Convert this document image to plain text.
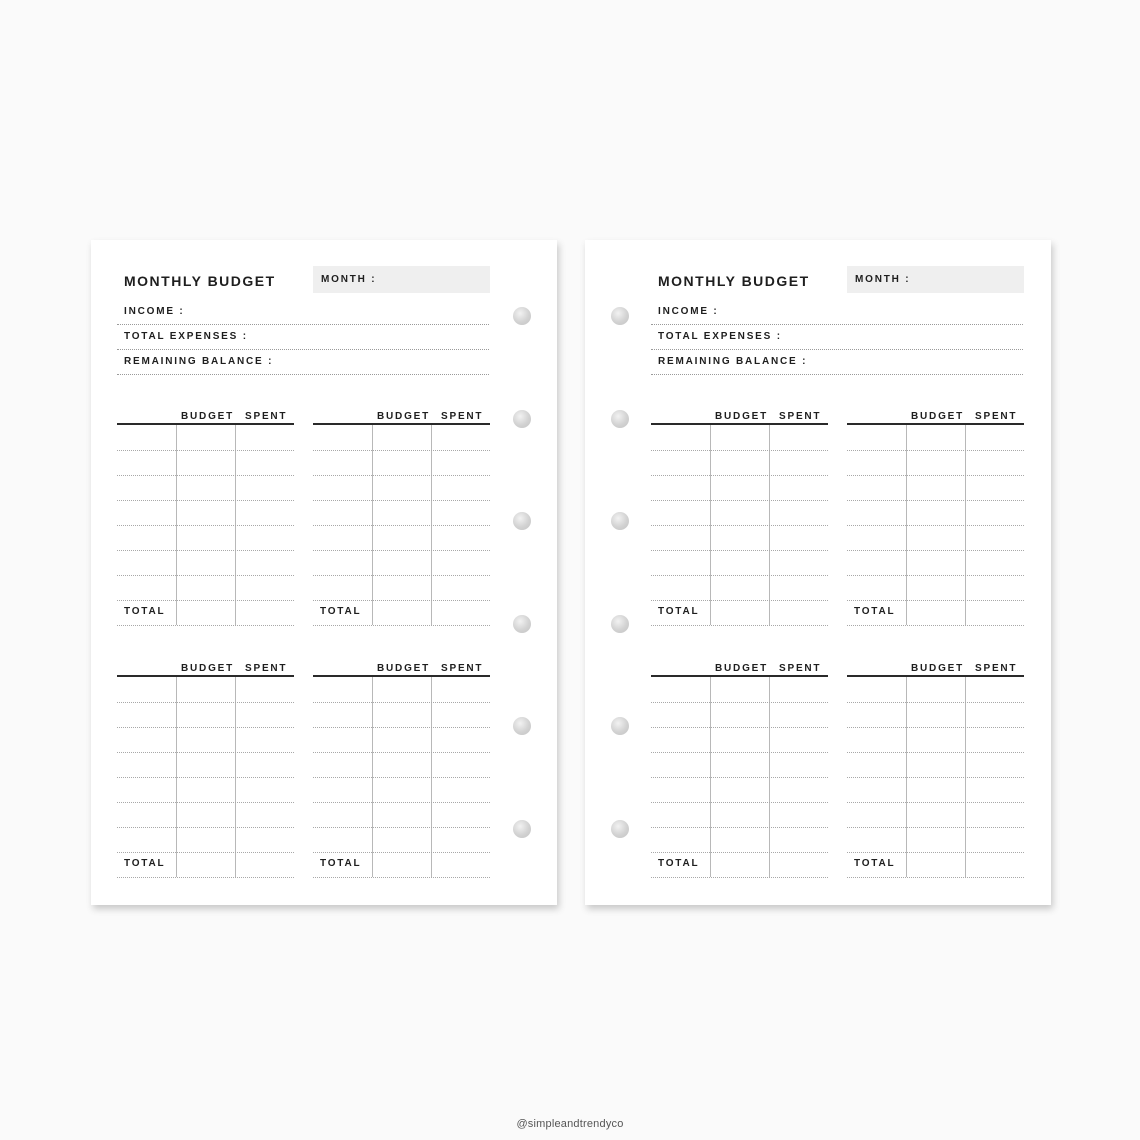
MONTHLY BUDGET	MONTH :
INCOME :
TOTAL EXPENSES :
REMAINING BALANCE :
BUDGET SPENT
TOTAL
BUDGET SPENT
TOTAL
BUDGET SPENT
TOTAL
BUDGET SPENT
TOTAL
MONTHLY BUDGET	MONTH :
INCOME :
TOTAL EXPENSES :
REMAINING BALANCE :
BUDGET SPENT
TOTAL
BUDGET SPENT
TOTAL
BUDGET SPENT
TOTAL
BUDGET SPENT
TOTAL
@simpleandtrendyco
